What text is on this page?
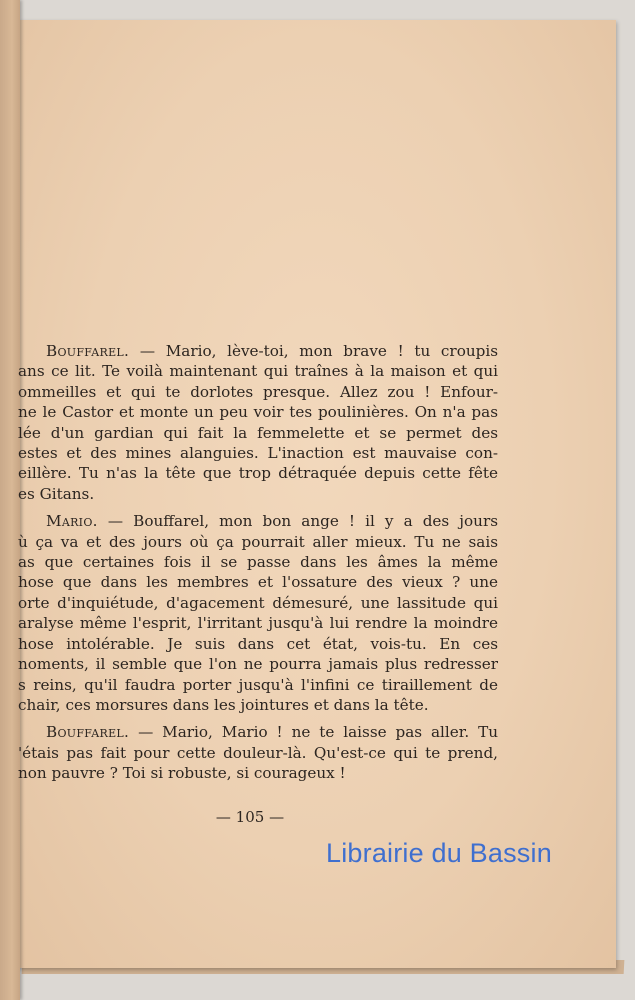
Bouffarel. — Mario, lève-toi, mon brave ! tu croupis
ans ce lit. Te voilà maintenant qui traînes à la maison et qui
ommeilles et qui te dorlotes presque. Allez zou ! Enfour-
ne le Castor et monte un peu voir tes poulinières. On n'a pas
lée d'un gardian qui fait la femmelette et se permet des
estes et des mines alanguies. L'inaction est mauvaise con-
eillère. Tu n'as la tête que trop détraquée depuis cette fête
es Gitans.
Mario. — Bouffarel, mon bon ange ! il y a des jours
ù ça va et des jours où ça pourrait aller mieux. Tu ne sais
as que certaines fois il se passe dans les âmes la même
hose que dans les membres et l'ossature des vieux ? une
orte d'inquiétude, d'agacement démesuré, une lassitude qui
aralyse même l'esprit, l'irritant jusqu'à lui rendre la moindre
hose intolérable. Je suis dans cet état, vois-tu. En ces
noments, il semble que l'on ne pourra jamais plus redresser
s reins, qu'il faudra porter jusqu'à l'infini ce tiraillement de
chair, ces morsures dans les jointures et dans la tête.
Bouffarel. — Mario, Mario ! ne te laisse pas aller. Tu
'étais pas fait pour cette douleur-là. Qu'est-ce qui te prend,
non pauvre ? Toi si robuste, si courageux !
— 105 —
Librairie du Bassin
